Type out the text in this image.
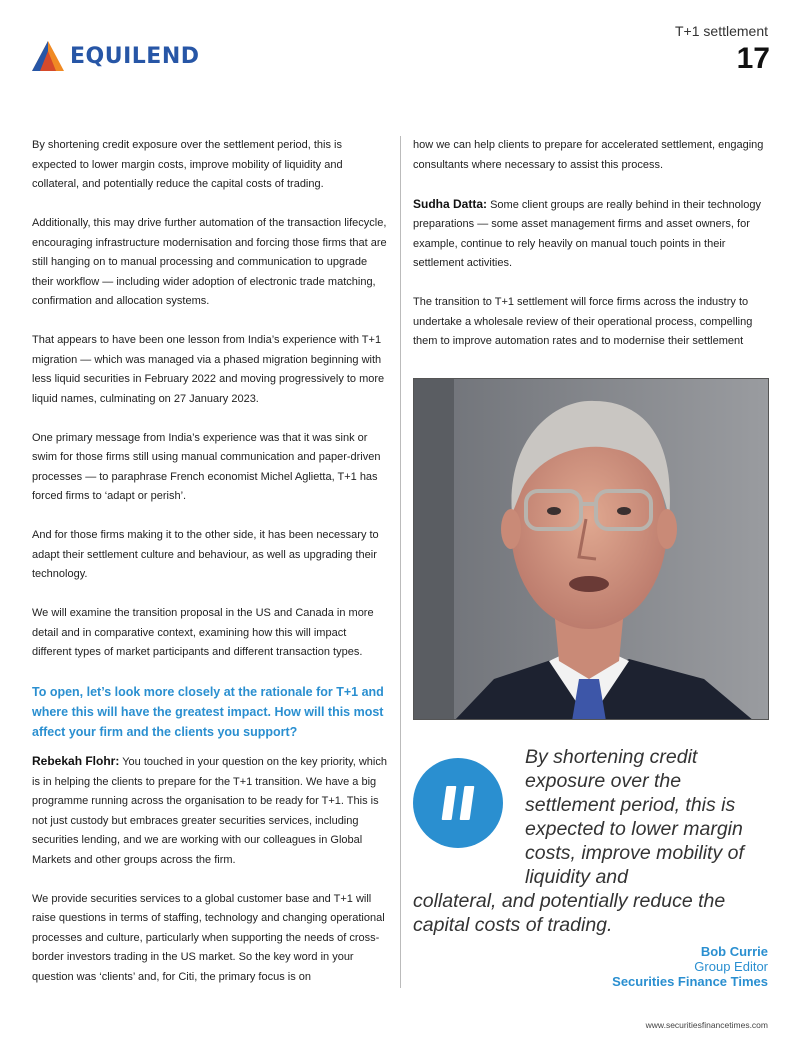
EQUILEND
T+1 settlement
17

By shortening credit exposure over the settlement period, this is expected to lower margin costs, improve mobility of liquidity and collateral, and potentially reduce the capital costs of trading.

Additionally, this may drive further automation of the transaction lifecycle, encouraging infrastructure modernisation and forcing those firms that are still hanging on to manual processing and communication to upgrade their workflow — including wider adoption of electronic trade matching, confirmation and allocation systems.

That appears to have been one lesson from India’s experience with T+1 migration — which was managed via a phased migration beginning with less liquid securities in February 2022 and moving progressively to more liquid names, culminating on 27 January 2023.

One primary message from India’s experience was that it was sink or swim for those firms still using manual communication and paper-driven processes — to paraphrase French economist Michel Aglietta, T+1 has forced firms to ‘adapt or perish’.

And for those firms making it to the other side, it has been necessary to adapt their settlement culture and behaviour, as well as upgrading their technology.

We will examine the transition proposal in the US and Canada in more detail and in comparative context, examining how this will impact different types of market participants and different transaction types.

To open, let’s look more closely at the rationale for T+1 and where this will have the greatest impact. How will this most affect your firm and the clients you support?

Rebekah Flohr: You touched in your question on the key priority, which is in helping the clients to prepare for the T+1 transition. We have a big programme running across the organisation to be ready for T+1. This is not just custody but embraces greater securities services, including securities lending, and we are working with our colleagues in Global Markets and other groups across the firm.

We provide securities services to a global customer base and T+1 will raise questions in terms of staffing, technology and changing operational processes and culture, particularly when supporting the needs of cross-border investors trading in the US market. So the key word in your question was ‘clients’ and, for Citi, the primary focus is on

how we can help clients to prepare for accelerated settlement, engaging consultants where necessary to assist this process.

Sudha Datta: Some client groups are really behind in their technology preparations — some asset management firms and asset owners, for example, continue to rely heavily on manual touch points in their settlement activities.

The transition to T+1 settlement will force firms across the industry to undertake a wholesale review of their operational process, compelling them to improve automation rates and to modernise their settlement

By shortening credit exposure over the settlement period, this is expected to lower margin costs, improve mobility of liquidity and
collateral, and potentially reduce the capital costs of trading.
Bob Currie
Group Editor
Securities Finance Times
www.securitiesfinancetimes.com
